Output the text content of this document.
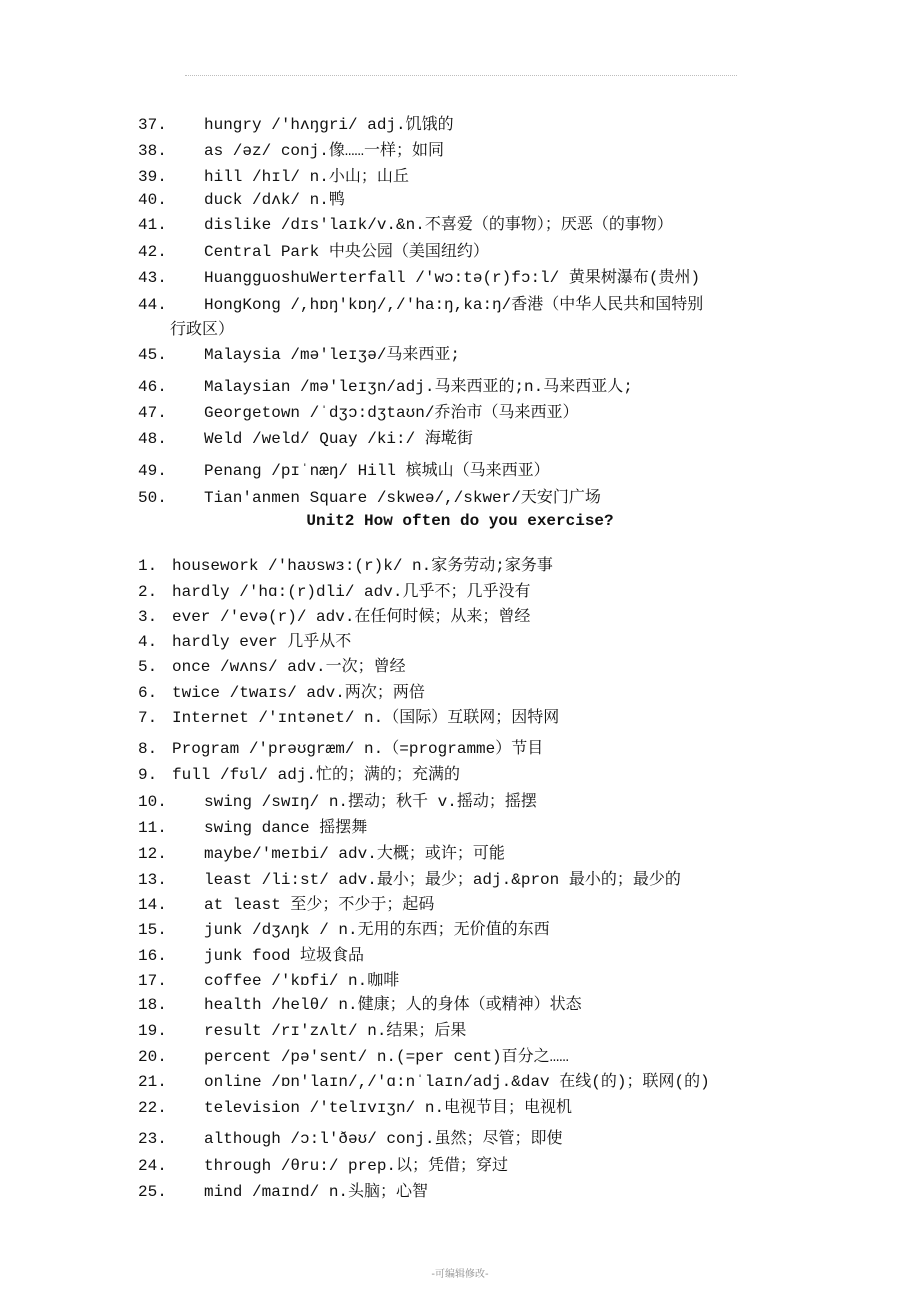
37. hungry /'hʌŋgri/ adj.饥饿的
38. as /əz/ conj.像……一样；如同
39. hill /hɪl/ n.小山；山丘
40. duck /dʌk/ n.鸭
41. dislike /dɪs'laɪk/v.&n.不喜爱（的事物）；厌恶（的事物）
42. Central Park 中央公园（美国纽约）
43. HuangguoshuWerterfall /'wɔ:tə(r)fɔ:l/ 黄果树瀑布(贵州)
44. HongKong /,hɒŋ'kɒŋ/,/'ha:ŋ,ka:ŋ/香港（中华人民共和国特别
行政区）
45. Malaysia /mə'leɪʒə/马来西亚;
46. Malaysian /mə'leɪʒn/adj.马来西亚的;n.马来西亚人;
47. Georgetown /ˈdʒɔ:dʒtaʊn/乔治市（马来西亚）
48. Weld /weld/ Quay /ki:/ 海墘街
49. Penang /pɪˈnæŋ/ Hill 槟城山（马来西亚）
50. Tian'anmen Square /skweə/,/skwer/天安门广场
Unit2 How often do you exercise?
1. housework /'haʊswɜ:(r)k/ n.家务劳动;家务事
2. hardly /'hɑ:(r)dli/ adv.几乎不；几乎没有
3. ever /'evə(r)/ adv.在任何时候；从来；曾经
4. hardly ever 几乎从不
5. once /wʌns/ adv.一次；曾经
6. twice /twaɪs/ adv.两次；两倍
7. Internet /'ɪntənet/ n.（国际）互联网；因特网
8. Program /'prəʊgræm/ n.（=programme）节目
9. full /fʊl/ adj.忙的；满的；充满的
10. swing /swɪŋ/ n.摆动；秋千 v.摇动；摇摆
11. swing dance 摇摆舞
12. maybe/'meɪbi/ adv.大概；或许；可能
13. least /li:st/ adv.最小；最少；adj.&pron 最小的；最少的
14. at least 至少；不少于；起码
15. junk /dʒʌŋk / n.无用的东西；无价值的东西
16. junk food 垃圾食品
17. coffee /'kɒfi/ n.咖啡
18. health /helθ/ n.健康；人的身体（或精神）状态
19. result /rɪ'zʌlt/ n.结果；后果
20. percent /pə'sent/ n.(=per cent)百分之……
21. online /ɒn'laɪn/,/'ɑ:nˈlaɪn/adj.&dav 在线(的)；联网(的)
22. television /'telɪvɪʒn/ n.电视节目；电视机
23. although /ɔ:l'ðəʊ/ conj.虽然；尽管；即使
24. through /θru:/ prep.以；凭借；穿过
25. mind /maɪnd/ n.头脑；心智
-可编辑修改-
